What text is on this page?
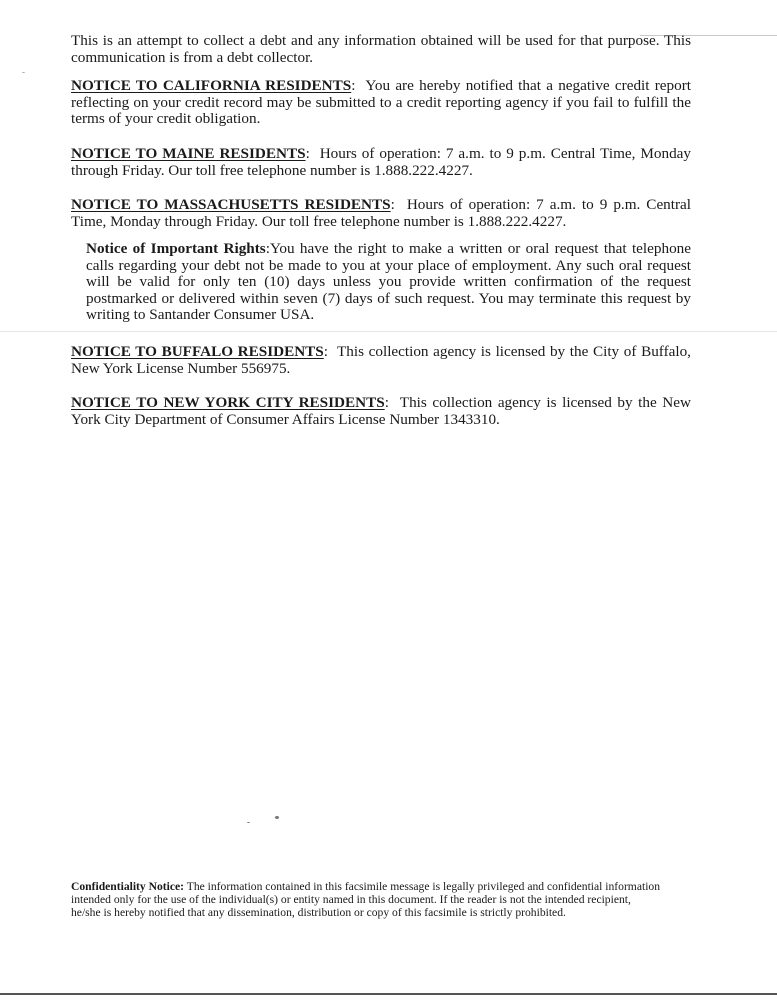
This is an attempt to collect a debt and any information obtained will be used for that purpose. This communication is from a debt collector.

NOTICE TO CALIFORNIA RESIDENTS: You are hereby notified that a negative credit report reflecting on your credit record may be submitted to a credit reporting agency if you fail to fulfill the terms of your credit obligation.

NOTICE TO MAINE RESIDENTS: Hours of operation: 7 a.m. to 9 p.m. Central Time, Monday through Friday. Our toll free telephone number is 1.888.222.4227.

NOTICE TO MASSACHUSETTS RESIDENTS: Hours of operation: 7 a.m. to 9 p.m. Central Time, Monday through Friday. Our toll free telephone number is 1.888.222.4227.

Notice of Important Rights:You have the right to make a written or oral request that telephone calls regarding your debt not be made to you at your place of employment. Any such oral request will be valid for only ten (10) days unless you provide written confirmation of the request postmarked or delivered within seven (7) days of such request. You may terminate this request by writing to Santander Consumer USA.

NOTICE TO BUFFALO RESIDENTS: This collection agency is licensed by the City of Buffalo, New York License Number 556975.

NOTICE TO NEW YORK CITY RESIDENTS: This collection agency is licensed by the New York City Department of Consumer Affairs License Number 1343310.

Confidentiality Notice: The information contained in this facsimile message is legally privileged and confidential information intended only for the use of the individual(s) or entity named in this document. If the reader is not the intended recipient, he/she is hereby notified that any dissemination, distribution or copy of this facsimile is strictly prohibited.
